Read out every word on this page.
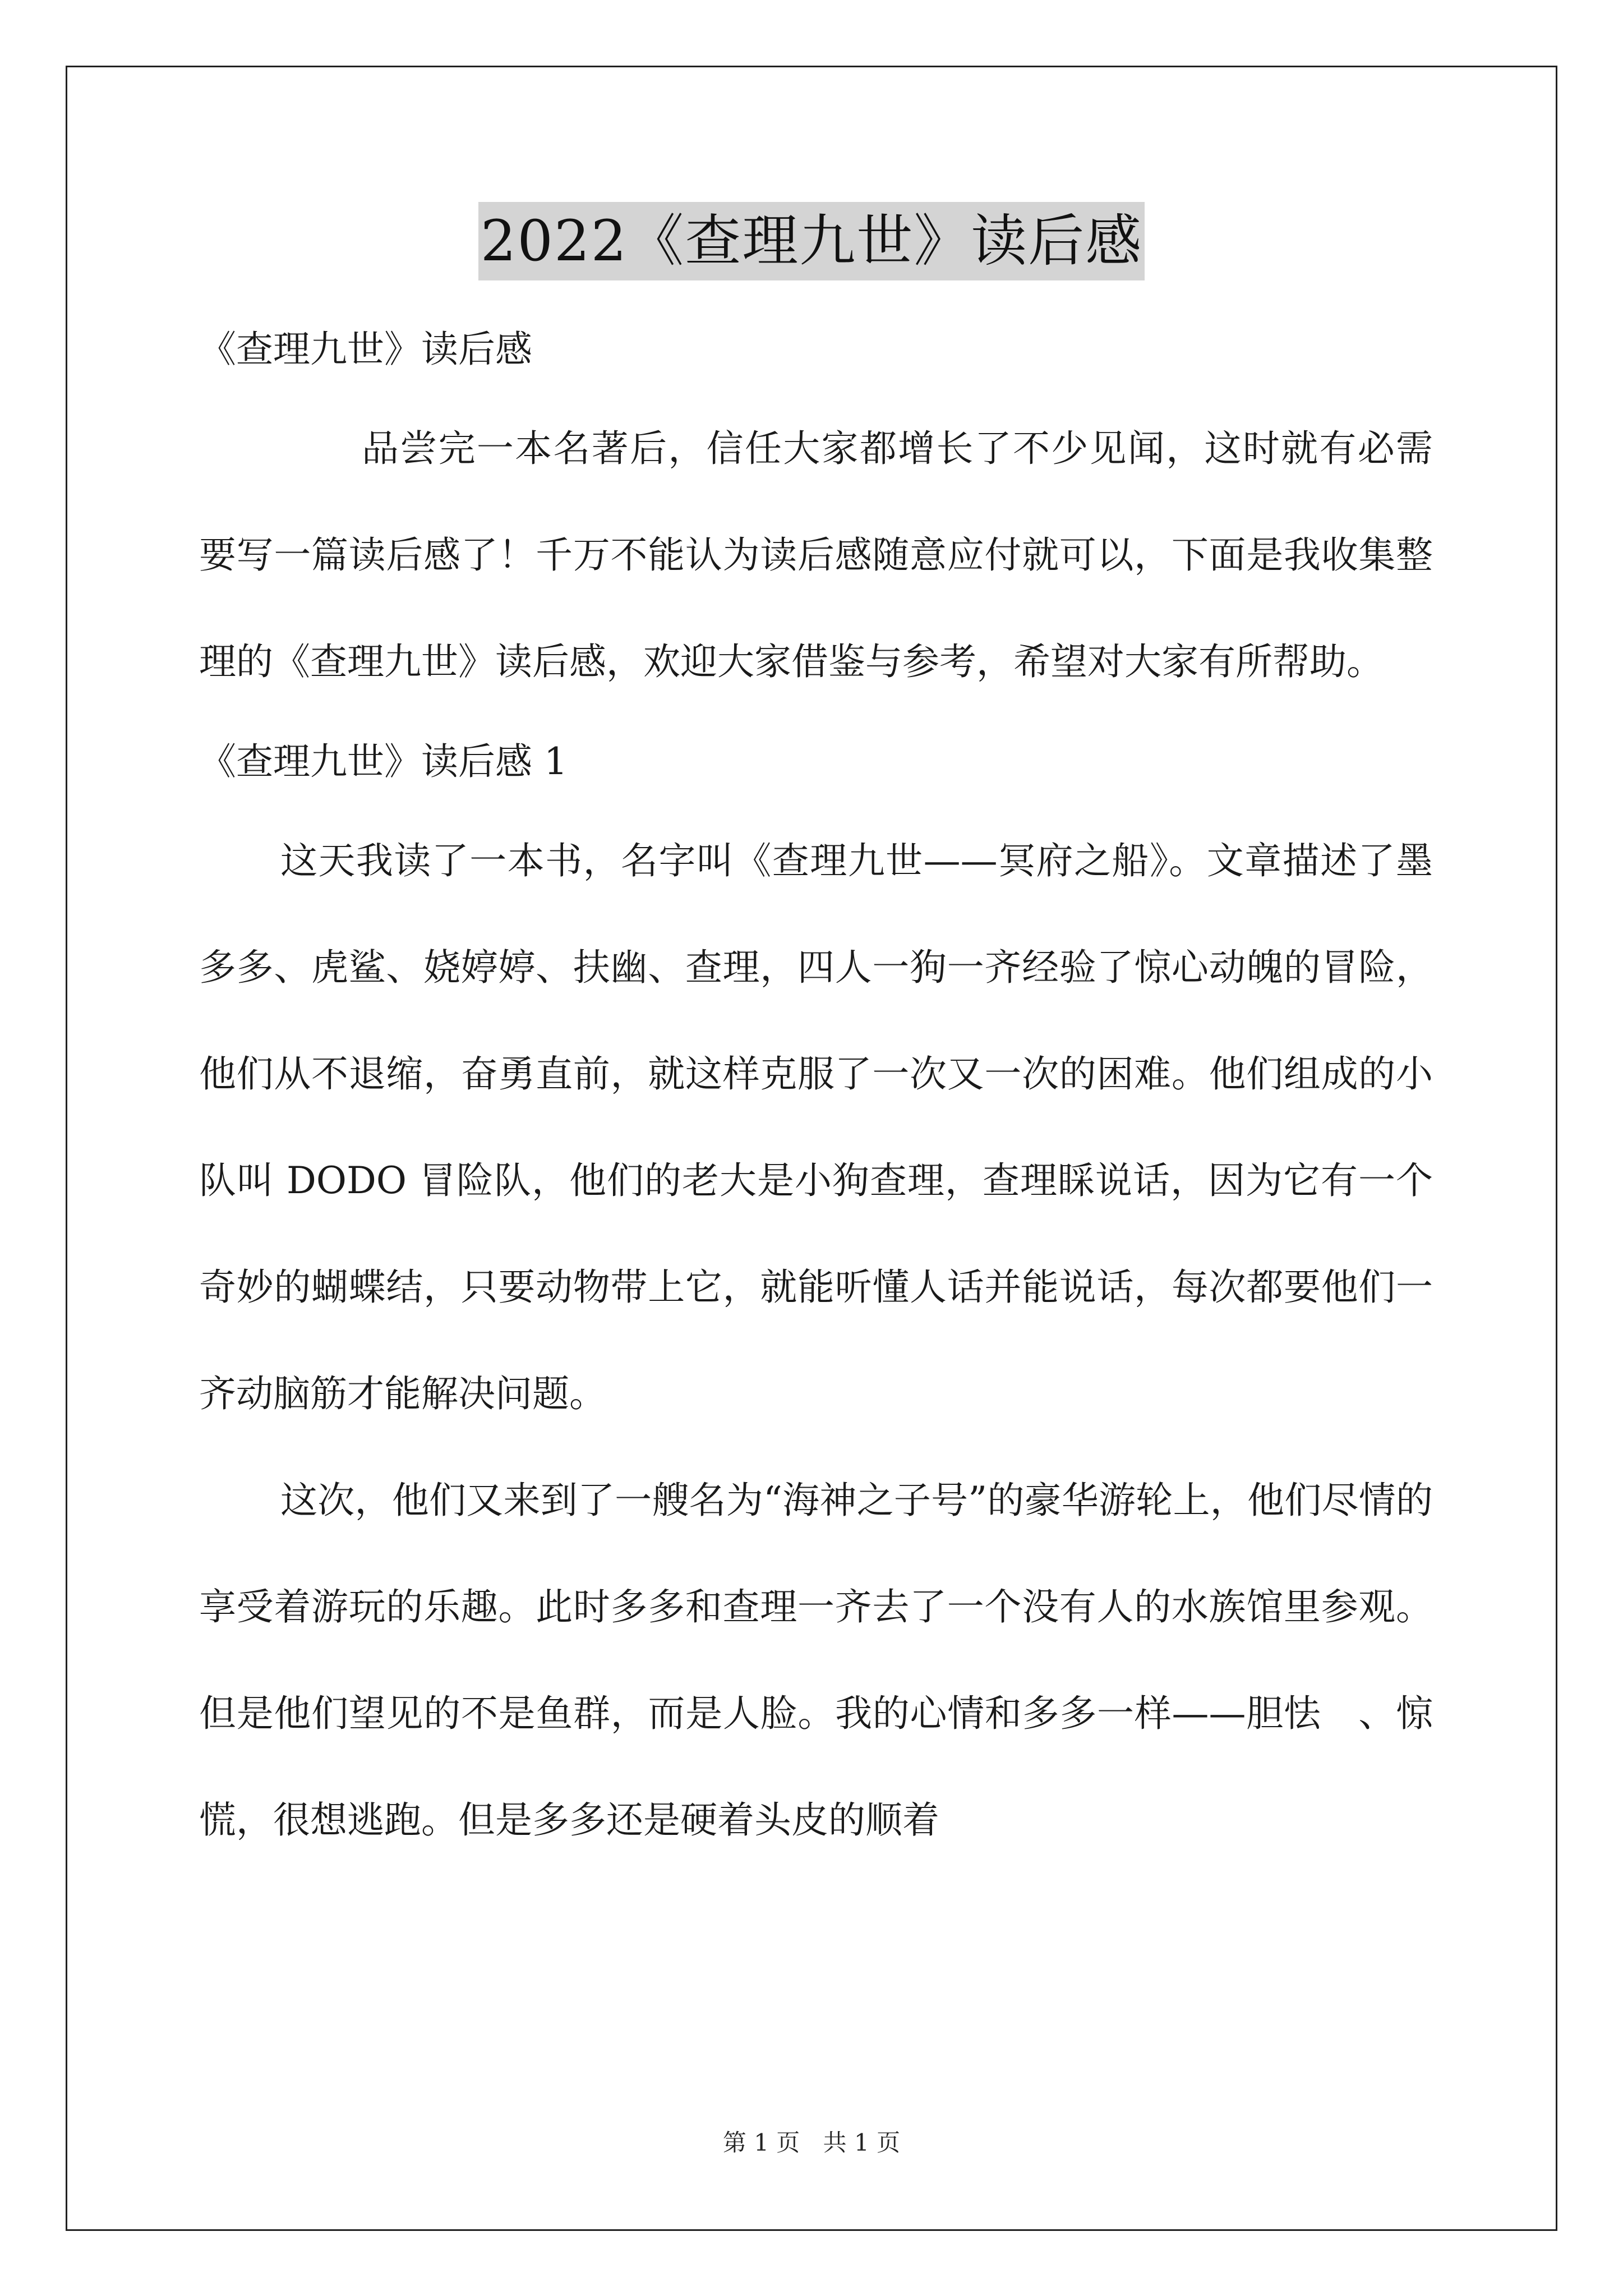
2022《查理九世》读后感
《查理九世》读后感

品尝完一本名著后，信任大家都增长了不少见闻，这时就有必需要写一篇读后感了！千万不能认为读后感随意应付就可以，下面是我收集整理的《查理九世》读后感，欢迎大家借鉴与参考，希望对大家有所帮助。

《查理九世》读后感 1

这天我读了一本书，名字叫《查理九世——冥府之船》。文章描述了墨多多、虎鲨、娆婷婷、扶幽、查理，四人一狗一齐经验了惊心动魄的冒险，他们从不退缩，奋勇直前，就这样克服了一次又一次的困难。他们组成的小队叫 DODO 冒险队，他们的老大是小狗查理，查理睬说话，因为它有一个奇妙的蝴蝶结，只要动物带上它，就能听懂人话并能说话，每次都要他们一齐动脑筋才能解决问题。

这次，他们又来到了一艘名为“海神之子号”的豪华游轮上，他们尽情的享受着游玩的乐趣。此时多多和查理一齐去了一个没有人的水族馆里参观。但是他们望见的不是鱼群，而是人脸。我的心情和多多一样——胆怯　、惊慌，很想逃跑。但是多多还是硬着头皮的顺着

第 1 页 共 1 页
